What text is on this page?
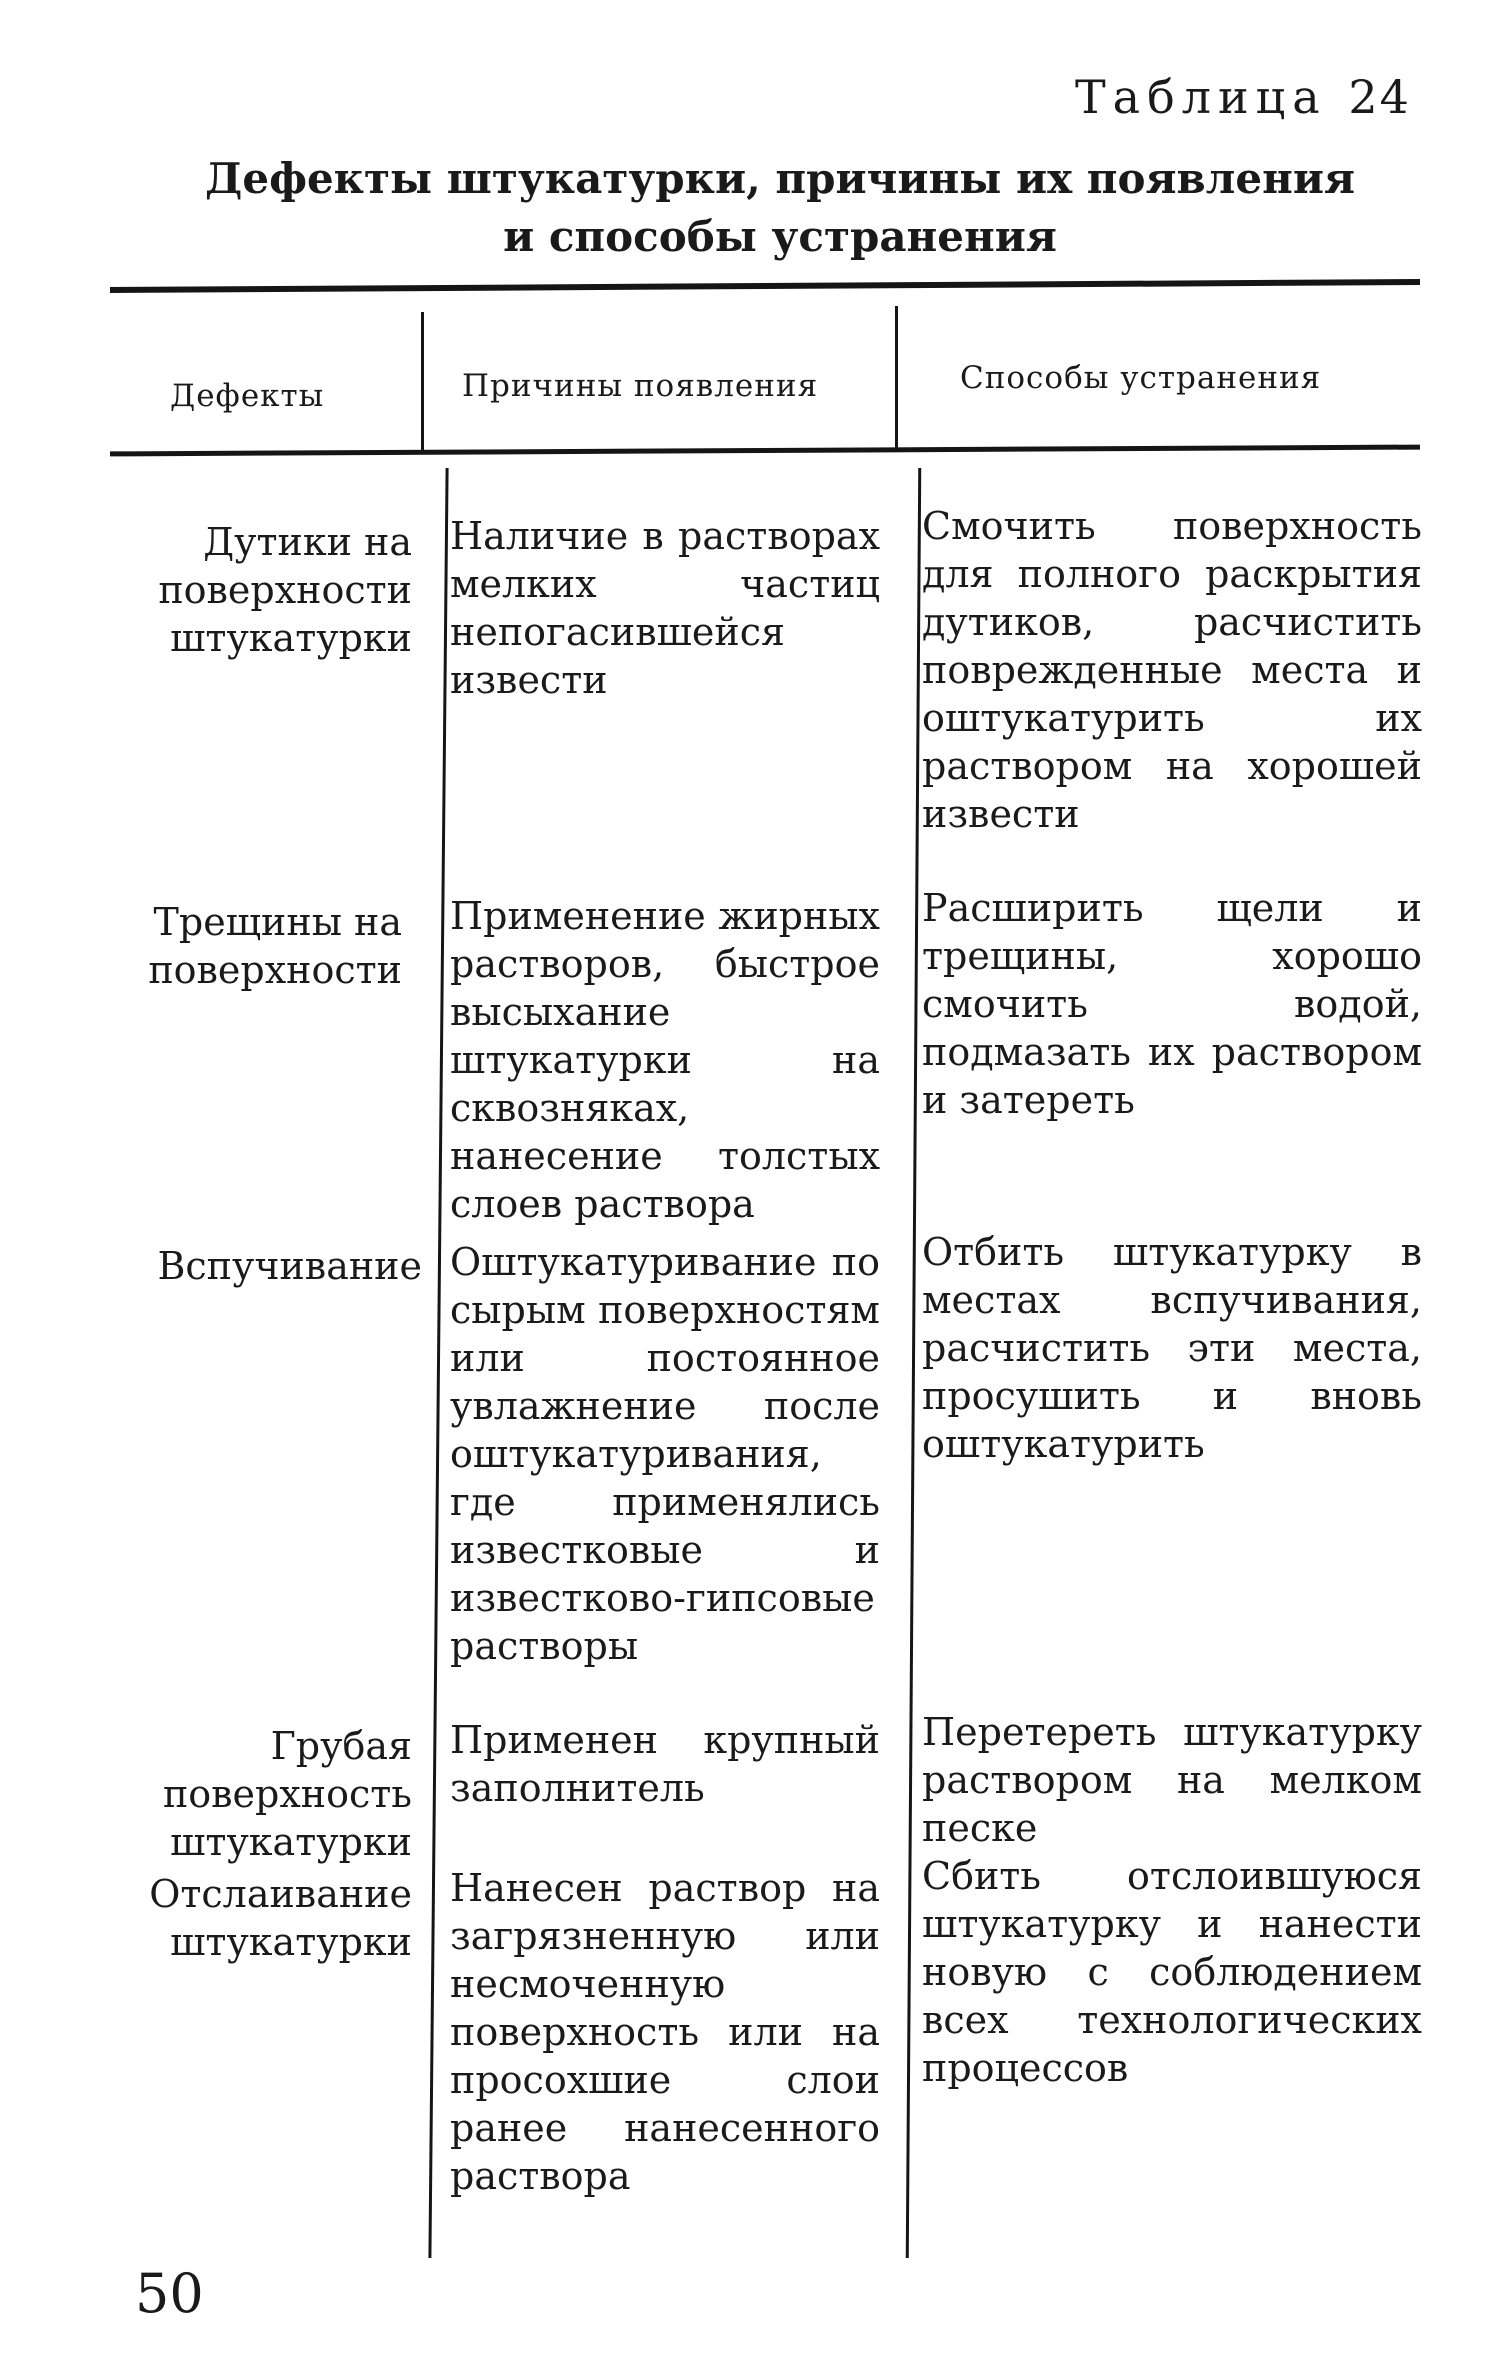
Таблица 24
Дефекты штукатурки, причины их появления
и способы устранения
Дефекты	Причины появления	Способы устранения
Дутики на поверхности штукатурки
Наличие в растворах мелких частиц непогасившейся извести
Смочить поверхность для полного раскрытия дутиков, расчистить поврежденные места и оштукатурить их раствором на хорошей извести
Трещины на поверхности
Применение жирных растворов, быстрое высыхание штукатурки на сквозняках, нанесение толстых слоев раствора
Расширить щели и трещины, хорошо смочить водой, подмазать их раствором и затереть
Вспучивание Оштукатуривание по сырым поверхностям или постоянное увлажнение после оштукатуривания, где применялись известковые и известково-гипсовые растворы
Отбить штукатурку в местах вспучивания, расчистить эти места, просушить и вновь оштукатурить
Грубая поверхность штукатурки
Применен крупный заполнитель
Перетереть штукатурку раствором на мелком песке
Отслаивание штукатурки
Нанесен раствор на загрязненную или несмоченную поверхность или на просохшие слои ранее нанесенного раствора
Сбить отслоившуюся штукатурку и нанести новую с соблюдением всех технологических процессов
50
